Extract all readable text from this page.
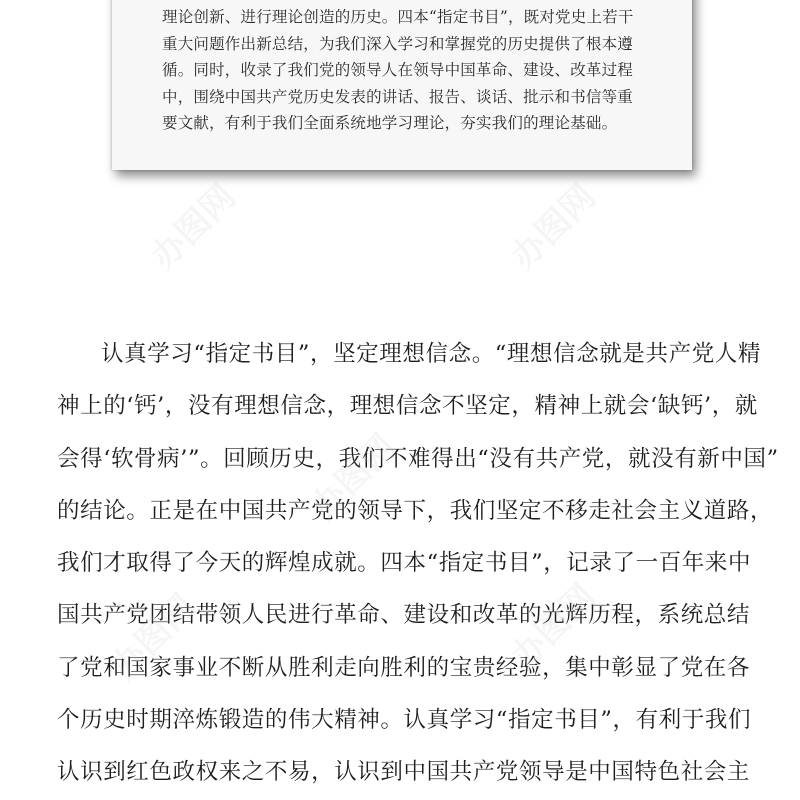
理论创新、进行理论创造的历史。四本“指定书目”，既对党史上若干
重大问题作出新总结，为我们深入学习和掌握党的历史提供了根本遵
循。同时，收录了我们党的领导人在领导中国革命、建设、改革过程
中，围绕中国共产党历史发表的讲话、报告、谈话、批示和书信等重
要文献，有利于我们全面系统地学习理论，夯实我们的理论基础。
认真学习“指定书目”，坚定理想信念。“理想信念就是共产党人精
神上的‘钙’，没有理想信念，理想信念不坚定，精神上就会‘缺钙’，就
会得‘软骨病’”。回顾历史，我们不难得出“没有共产党，就没有新中国”
的结论。正是在中国共产党的领导下，我们坚定不移走社会主义道路，
我们才取得了今天的辉煌成就。四本“指定书目”，记录了一百年来中
国共产党团结带领人民进行革命、建设和改革的光辉历程，系统总结
了党和国家事业不断从胜利走向胜利的宝贵经验，集中彰显了党在各
个历史时期淬炼锻造的伟大精神。认真学习“指定书目”，有利于我们
认识到红色政权来之不易，认识到中国共产党领导是中国特色社会主
办图网	办图网
办图网
办图网
办图网
